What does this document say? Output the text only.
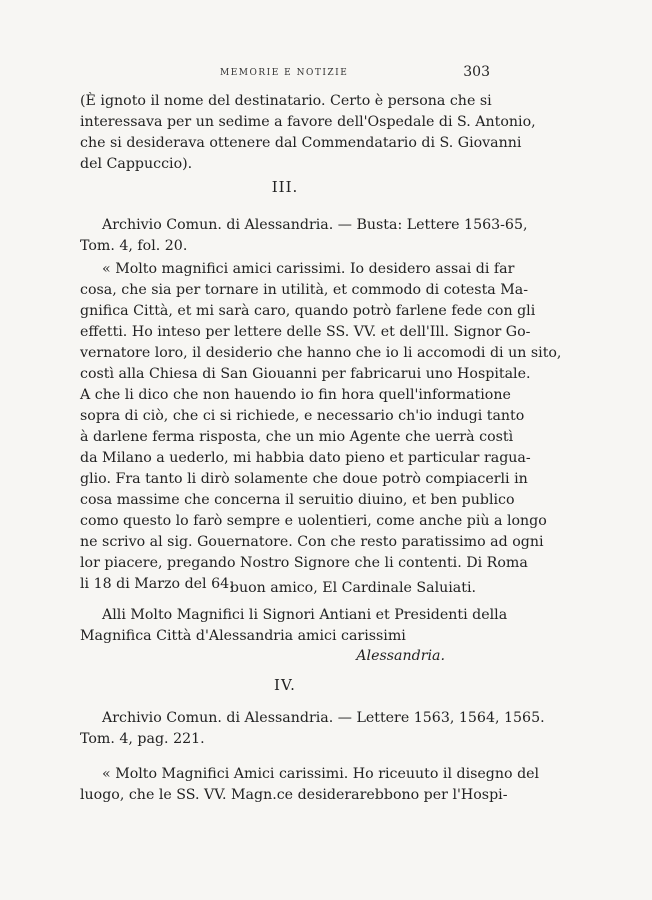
MEMORIE E NOTIZIE	303
(È ignoto il nome del destinatario. Certo è persona che si
interessava per un sedime a favore dell'Ospedale di S. Antonio,
che si desiderava ottenere dal Commendatario di S. Giovanni
del Cappuccio).
III.
Archivio Comun. di Alessandria. — Busta: Lettere 1563-65,
Tom. 4, fol. 20.
« Molto magnifici amici carissimi. Io desidero assai di far
cosa, che sia per tornare in utilità, et commodo di cotesta Ma-
gnifica Città, et mi sarà caro, quando potrò farlene fede con gli
effetti. Ho inteso per lettere delle SS. VV. et dell'Ill. Signor Go-
vernatore loro, il desiderio che hanno che io li accomodi di un sito,
costì alla Chiesa di San Giouanni per fabricarui uno Hospitale.
A che li dico che non hauendo io fin hora quell'informatione
sopra di ciò, che ci si richiede, e necessario ch'io indugi tanto
à darlene ferma risposta, che un mio Agente che uerrà costì
da Milano a uederlo, mi habbia dato pieno et particular ragua-
glio. Fra tanto li dirò solamente che doue potrò compiacerli in
cosa massime che concerna il seruitio diuino, et ben publico
como questo lo farò sempre e uolentieri, come anche più a longo
ne scrivo al sig. Gouernatore. Con che resto paratissimo ad ogni
lor piacere, pregando Nostro Signore che li contenti. Di Roma
li 18 di Marzo del 64.
buon amico, El Cardinale Saluiati.
Alli Molto Magnifici li Signori Antiani et Presidenti della
Magnifica Città d'Alessandria amici carissimi
Alessandria.
IV.
Archivio Comun. di Alessandria. — Lettere 1563, 1564, 1565.
Tom. 4, pag. 221.
« Molto Magnifici Amici carissimi. Ho riceuuto il disegno del
luogo, che le SS. VV. Magn.ce desiderarebbono per l'Hospi-
